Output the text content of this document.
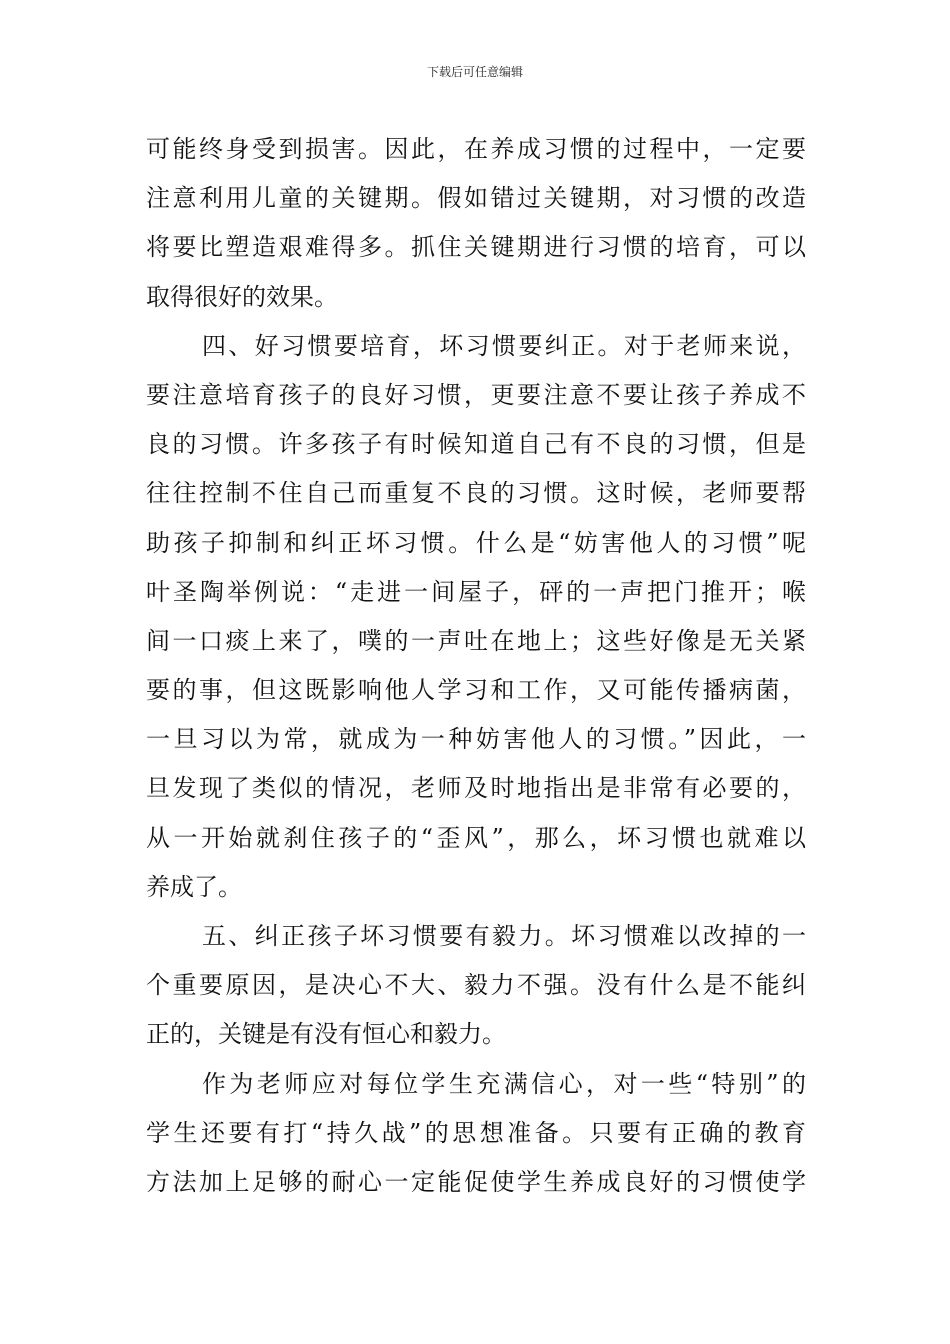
下载后可任意编辑
可能终身受到损害。因此，在养成习惯的过程中，一定要
注意利用儿童的关键期。假如错过关键期，对习惯的改造
将要比塑造艰难得多。抓住关键期进行习惯的培育，可以
取得很好的效果。
四、好习惯要培育，坏习惯要纠正。对于老师来说，
要注意培育孩子的良好习惯，更要注意不要让孩子养成不
良的习惯。许多孩子有时候知道自己有不良的习惯，但是
往往控制不住自己而重复不良的习惯。这时候，老师要帮
助孩子抑制和纠正坏习惯。什么是“妨害他人的习惯”呢
叶圣陶举例说：“走进一间屋子，砰的一声把门推开；喉
间一口痰上来了，噗的一声吐在地上；这些好像是无关紧
要的事，但这既影响他人学习和工作，又可能传播病菌，
一旦习以为常，就成为一种妨害他人的习惯。”因此，一
旦发现了类似的情况，老师及时地指出是非常有必要的，
从一开始就刹住孩子的“歪风”，那么，坏习惯也就难以
养成了。
五、纠正孩子坏习惯要有毅力。坏习惯难以改掉的一
个重要原因，是决心不大、毅力不强。没有什么是不能纠
正的，关键是有没有恒心和毅力。
作为老师应对每位学生充满信心，对一些“特别”的
学生还要有打“持久战”的思想准备。只要有正确的教育
方法加上足够的耐心一定能促使学生养成良好的习惯使学
